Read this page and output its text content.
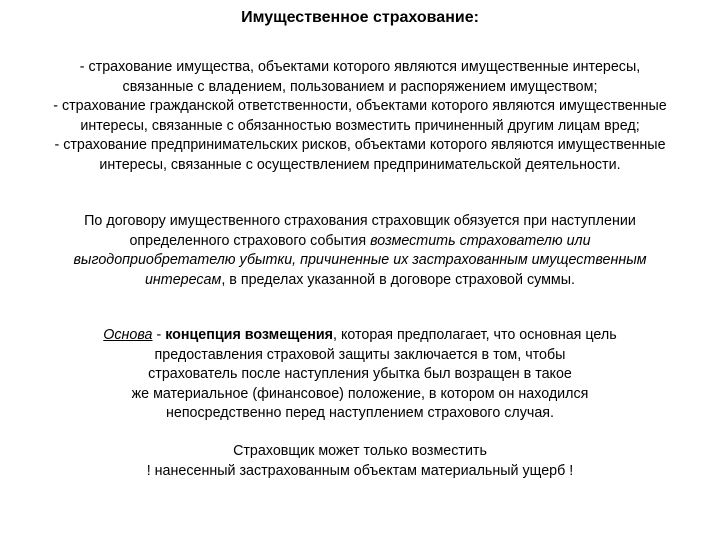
Имущественное страхование:
- страхование имущества, объектами которого являются имущественные интересы,
связанные с владением, пользованием и распоряжением имуществом;
- страхование гражданской ответственности, объектами которого являются имущественные
интересы, связанные с обязанностью возместить причиненный другим лицам вред;
- страхование предпринимательских рисков, объектами которого являются имущественные
интересы, связанные с осуществлением предпринимательской деятельности.
По договору имущественного страхования страховщик обязуется при наступлении
определенного страхового события возместить страхователю или
выгодоприобретателю убытки, причиненные их застрахованным имущественным
интересам, в пределах указанной в договоре страховой суммы.
Основа - концепция возмещения, которая предполагает, что основная цель
предоставления страховой защиты заключается в том, чтобы
страхователь после наступления убытка был возращен в такое
же материальное (финансовое) положение, в котором он находился
непосредственно перед наступлением страхового случая.
Страховщик может только возместить
! нанесенный застрахованным объектам материальный ущерб !
